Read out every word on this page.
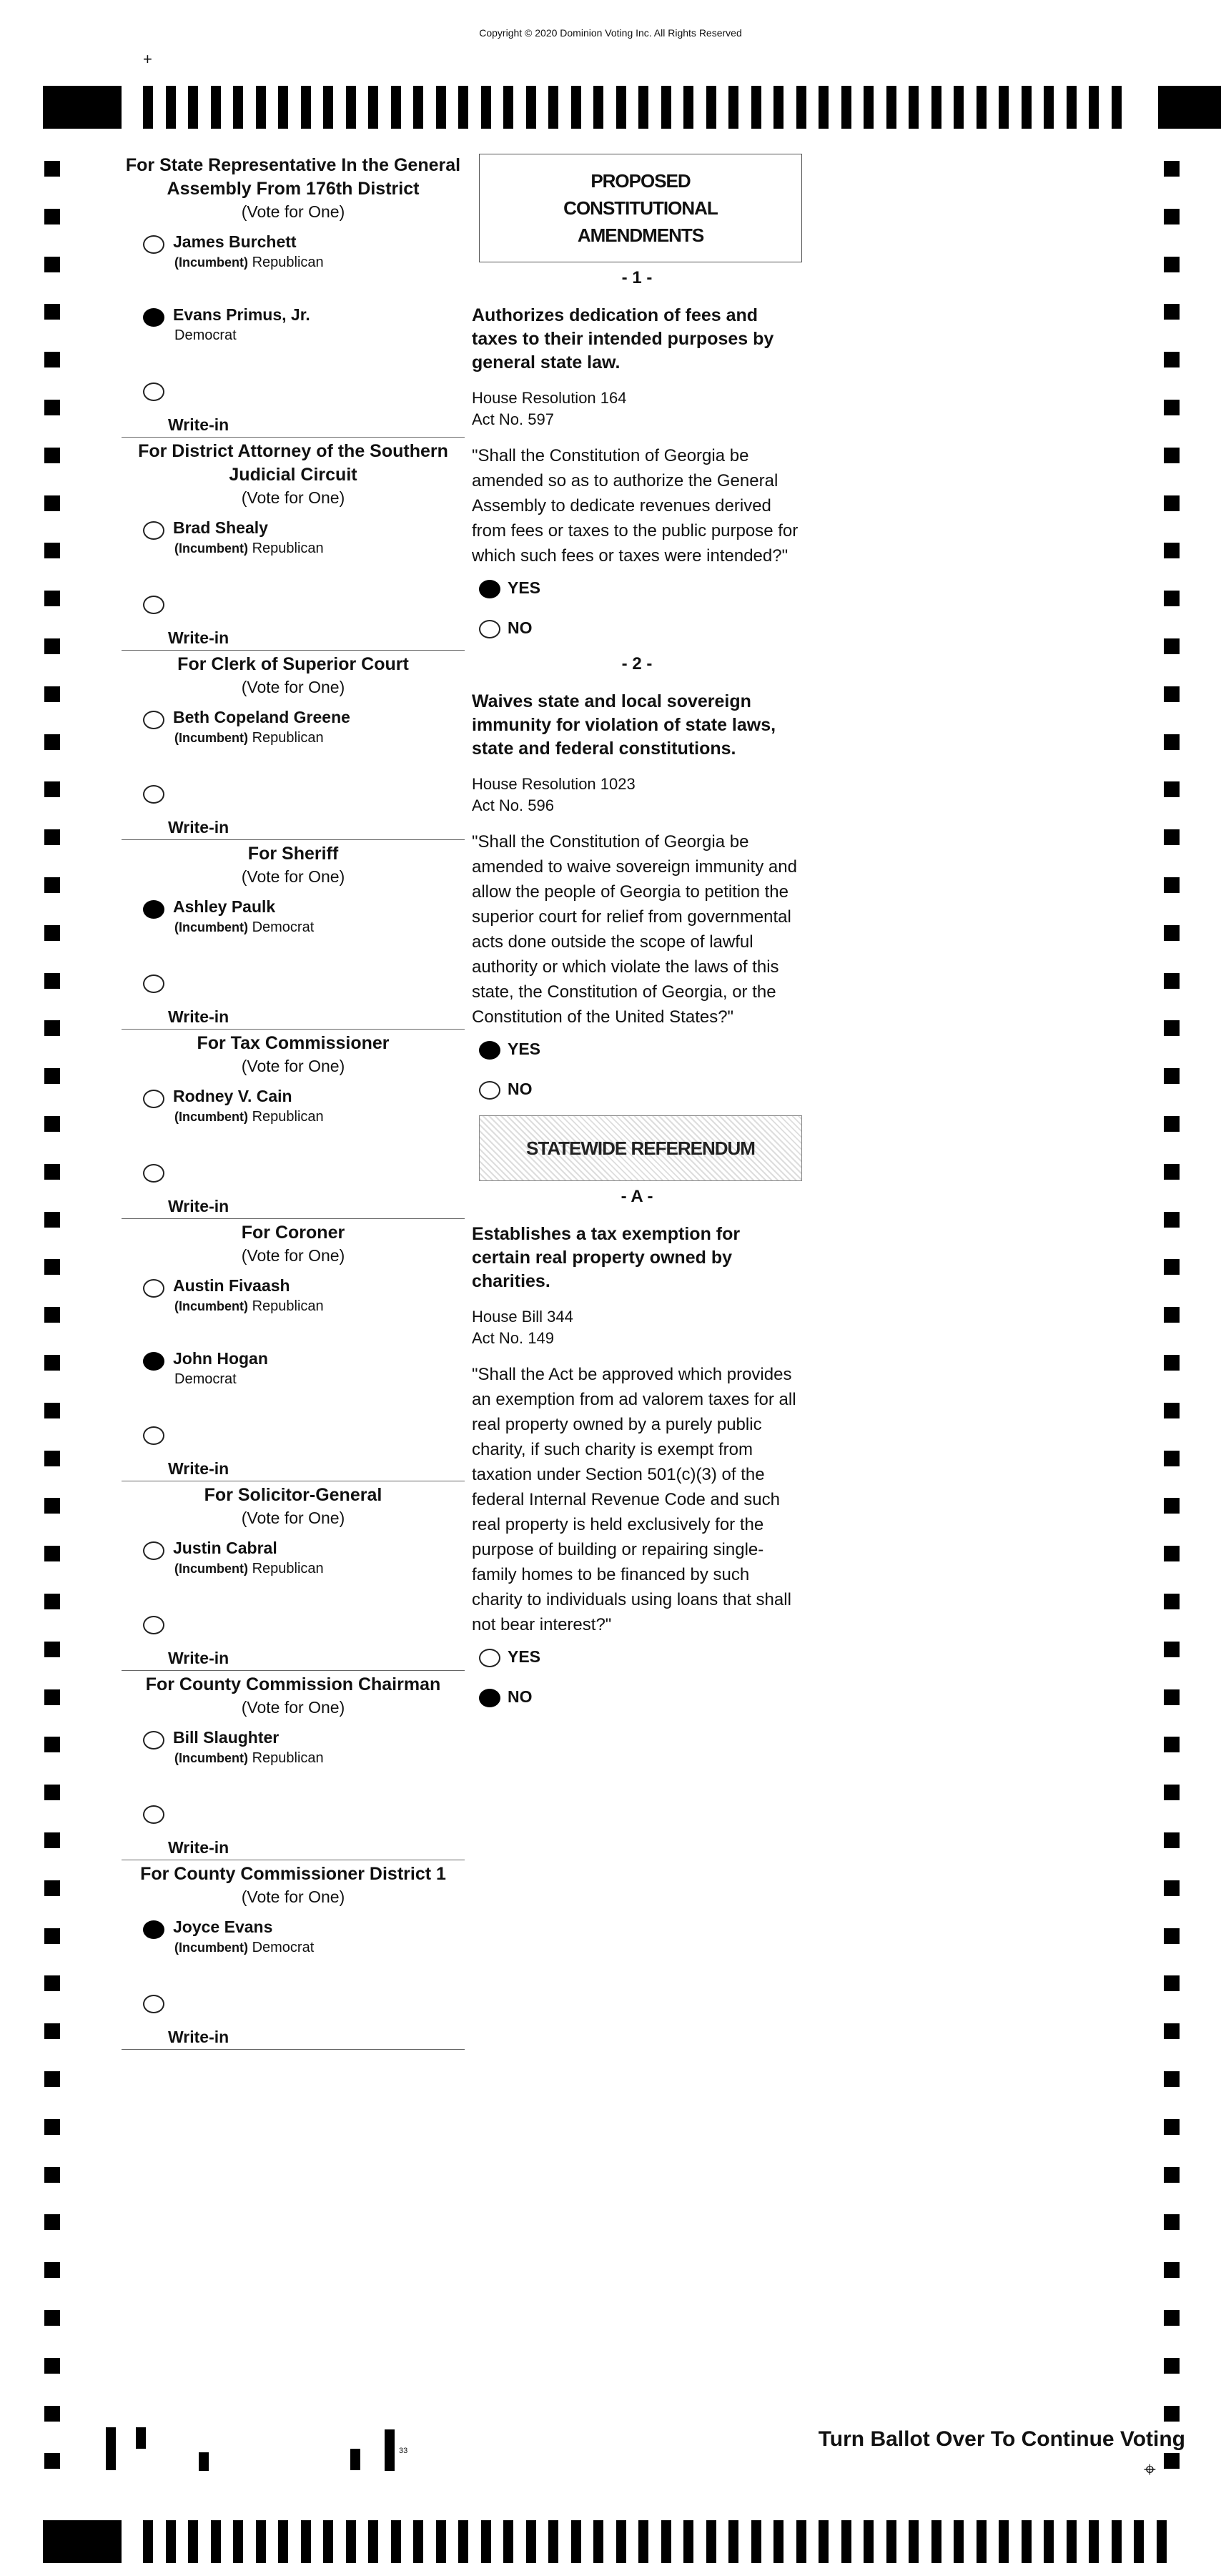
Copyright © 2020 Dominion Voting Inc. All Rights Reserved
+
For State Representative In the General Assembly From 176th District
(Vote for One)
James Burchett
(Incumbent) Republican
Evans Primus, Jr.
Democrat
Write-in
For District Attorney of the Southern Judicial Circuit
(Vote for One)
Brad Shealy
(Incumbent) Republican
Write-in
For Clerk of Superior Court
(Vote for One)
Beth Copeland Greene
(Incumbent) Republican
Write-in
For Sheriff
(Vote for One)
Ashley Paulk
(Incumbent) Democrat
Write-in
For Tax Commissioner
(Vote for One)
Rodney V. Cain
(Incumbent) Republican
Write-in
For Coroner
(Vote for One)
Austin Fivaash
(Incumbent) Republican
John Hogan
Democrat
Write-in
For Solicitor-General
(Vote for One)
Justin Cabral
(Incumbent) Republican
Write-in
For County Commission Chairman
(Vote for One)
Bill Slaughter
(Incumbent) Republican
Write-in
For County Commissioner District 1
(Vote for One)
Joyce Evans
(Incumbent) Democrat
Write-in
PROPOSED CONSTITUTIONAL AMENDMENTS
- 1 -
Authorizes dedication of fees and taxes to their intended purposes by general state law.
House Resolution 164
Act No. 597
"Shall the Constitution of Georgia be amended so as to authorize the General Assembly to dedicate revenues derived from fees or taxes to the public purpose for which such fees or taxes were intended?"
YES
NO
- 2 -
Waives state and local sovereign immunity for violation of state laws, state and federal constitutions.
House Resolution 1023
Act No. 596
"Shall the Constitution of Georgia be amended to waive sovereign immunity and allow the people of Georgia to petition the superior court for relief from governmental acts done outside the scope of lawful authority or which violate the laws of this state, the Constitution of Georgia, or the Constitution of the United States?"
YES
NO
STATEWIDE REFERENDUM
- A -
Establishes a tax exemption for certain real property owned by charities.
House Bill 344
Act No. 149
"Shall the Act be approved which provides an exemption from ad valorem taxes for all real property owned by a purely public charity, if such charity is exempt from taxation under Section 501(c)(3) of the federal Internal Revenue Code and such real property is held exclusively for the purpose of building or repairing single-family homes to be financed by such charity to individuals using loans that shall not bear interest?"
YES
NO
33	Turn Ballot Over To Continue Voting
⌖
